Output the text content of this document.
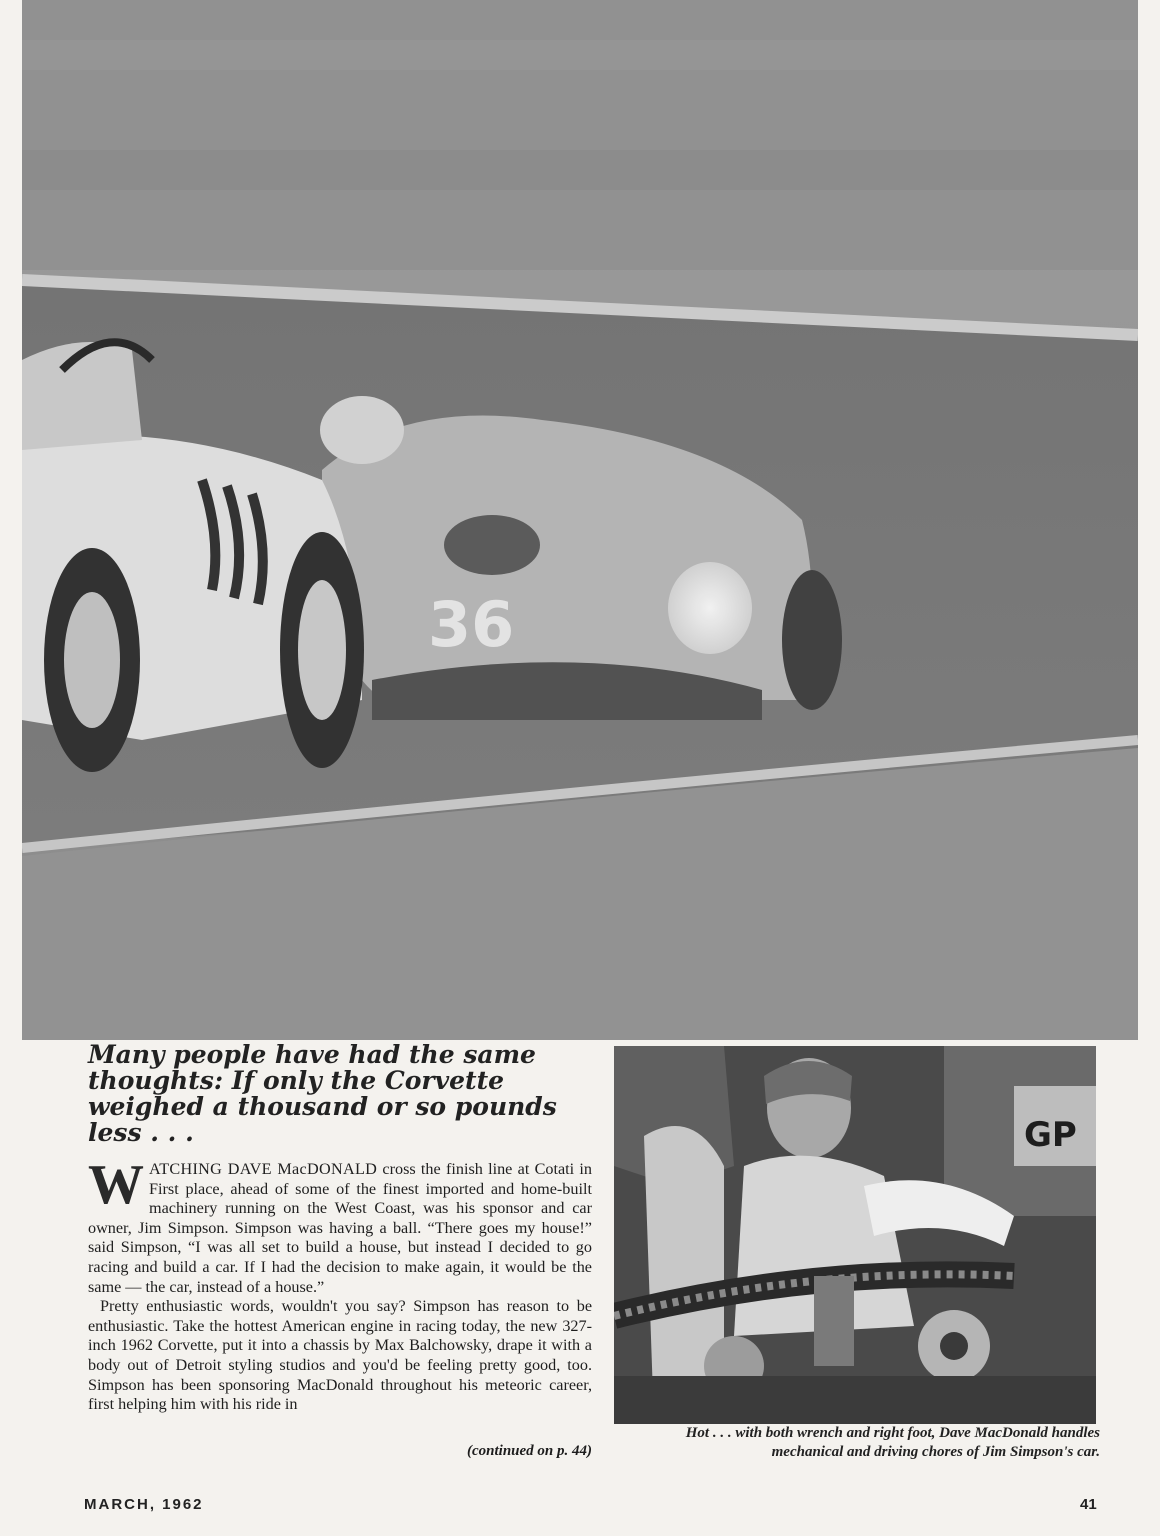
36
Many people have had the same thoughts: If only the Corvette weighed a thousand or so pounds less . . .

WATCHING DAVE MacDONALD cross the finish line at Cotati in First place, ahead of some of the finest imported and home-built machinery running on the West Coast, was his sponsor and car owner, Jim Simpson. Simpson was having a ball. “There goes my house!” said Simpson, “I was all set to build a house, but instead I decided to go racing and build a car. If I had the decision to make again, it would be the same — the car, instead of a house.”

Pretty enthusiastic words, wouldn't you say? Simpson has reason to be enthusiastic. Take the hottest American engine in racing today, the new 327-inch 1962 Corvette, put it into a chassis by Max Balchowsky, drape it with a body out of Detroit styling studios and you'd be feeling pretty good, too. Simpson has been sponsoring MacDonald throughout his meteoric career, first helping him with his ride in

(continued on p. 44)
GP

Hot . . . with both wrench and right foot, Dave MacDonald handles mechanical and driving chores of Jim Simpson's car.

MARCH, 1962	41
